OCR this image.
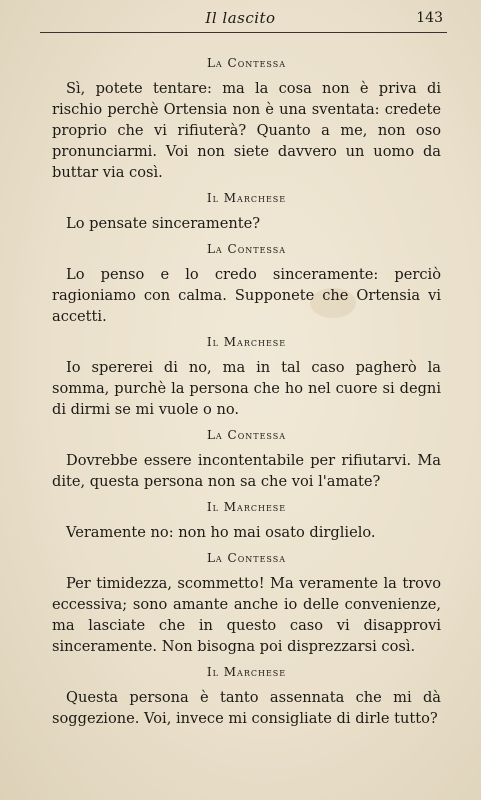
Il lascito	143
La Contessa

Sì, potete tentare: ma la cosa non è priva di rischio perchè Ortensia non è una sventata: credete proprio che vi rifiuterà? Quanto a me, non oso pronunciarmi. Voi non siete davvero un uomo da buttar via così.

Il Marchese

Lo pensate sinceramente?

La Contessa

Lo penso e lo credo sinceramente: perciò ragioniamo con calma. Supponete che Ortensia vi accetti.

Il Marchese

Io spererei di no, ma in tal caso pagherò la somma, purchè la persona che ho nel cuore si degni di dirmi se mi vuole o no.

La Contessa

Dovrebbe essere incontentabile per rifiutarvi. Ma dite, questa persona non sa che voi l'amate?

Il Marchese

Veramente no: non ho mai osato dirglielo.

La Contessa

Per timidezza, scommetto! Ma veramente la trovo eccessiva; sono amante anche io delle convenienze, ma lasciate che in questo caso vi disapprovi sinceramente. Non bisogna poi disprezzarsi così.

Il Marchese

Questa persona è tanto assennata che mi dà soggezione. Voi, invece mi consigliate di dirle tutto?
